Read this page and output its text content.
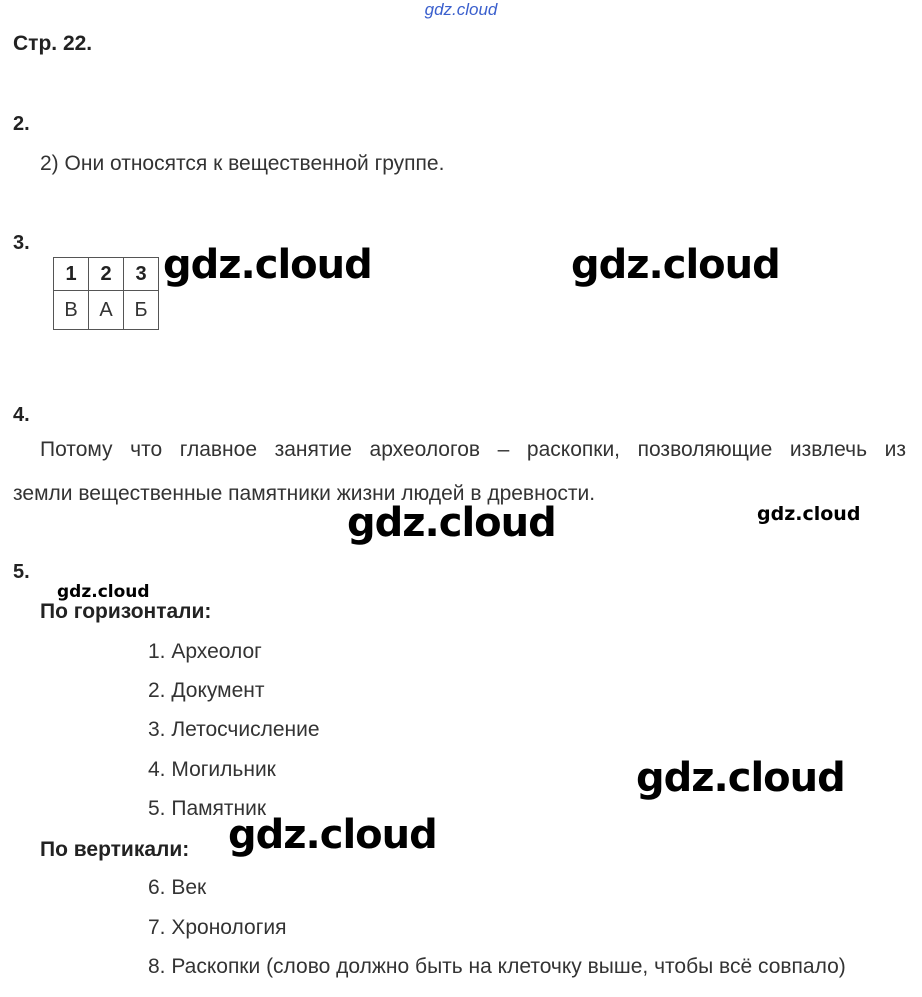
gdz.cloud
Стр. 22.
2.
2) Они относятся к вещественной группе.
3.
1	2	3
В	А	Б
gdz.cloud	gdz.cloud
4.
Потому что главное занятие археологов – раскопки, позволяющие извлечь из
земли вещественные памятники жизни людей в древности.
gdz.cloud	gdz.cloud
5.
gdz.cloud
По горизонтали:
1. Археолог
2. Документ
3. Летосчисление
4. Могильник
5. Памятник
gdz.cloud
По вертикали: gdz.cloud
6. Век
7. Хронология
8. Раскопки (слово должно быть на клеточку выше, чтобы всё совпало)
